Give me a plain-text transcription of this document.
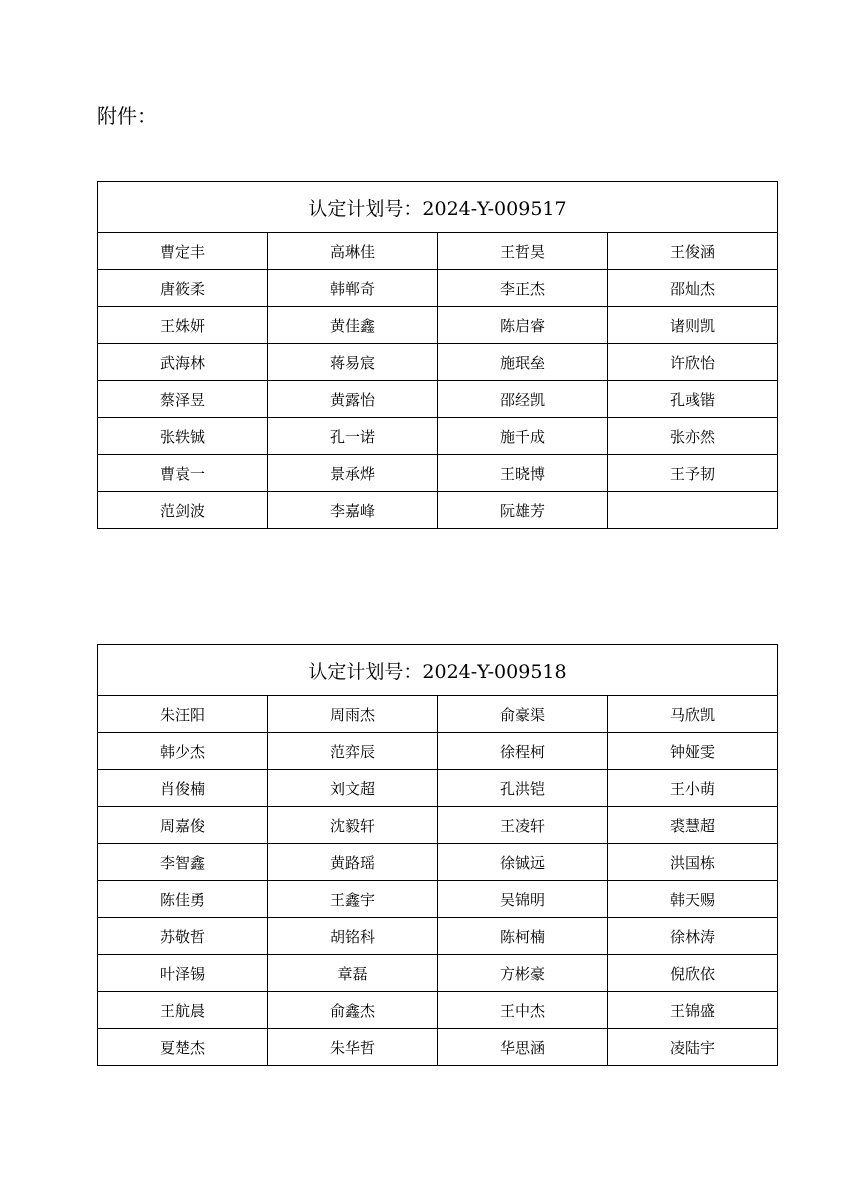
附件：
认定计划号：2024-Y-009517			
曹定丰	高琳佳	王哲昊	王俊涵
唐筱柔	韩郸奇	李正杰	邵灿杰
王姝妍	黄佳鑫	陈启睿	诸则凯
武海林	蒋易宸	施珉垒	许欣怡
蔡泽昱	黄露怡	邵经凯	孔彧锴
张轶铖	孔一诺	施千成	张亦然
曹袁一	景承烨	王晓博	王予韧
范剑波	李嘉峰	阮雄芳	
认定计划号：2024-Y-009518			
朱汪阳	周雨杰	俞豪渠	马欣凯
韩少杰	范弈辰	徐程柯	钟娅雯
肖俊楠	刘文超	孔洪铠	王小萌
周嘉俊	沈毅轩	王凌轩	裘慧超
李智鑫	黄路瑶	徐铖远	洪国栋
陈佳勇	王鑫宇	吴锦明	韩天赐
苏敬哲	胡铭科	陈柯楠	徐林涛
叶泽锡	章磊	方彬豪	倪欣依
王航晨	俞鑫杰	王中杰	王锦盛
夏楚杰	朱华哲	华思涵	凌陆宇
